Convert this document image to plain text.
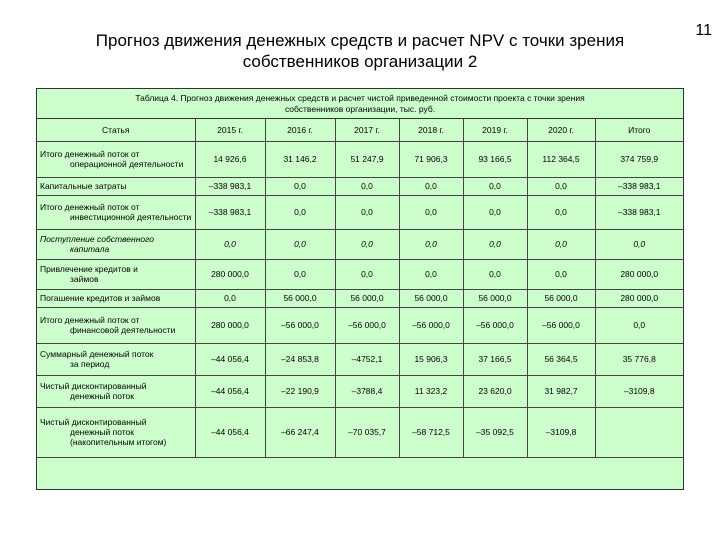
11
Прогноз движения денежных средств и расчет NPV с точки зрения
собственников организации 2
Таблица 4. Прогноз движения денежных средств и расчет чистой приведенной стоимости проекта с точки зрения собственников организации, тыс. руб.
Статья	2015 г.	2016 г.	2017 г.	2018 г.	2019 г.	2020 г.	Итого
Итого денежный поток от
операционной деятельности	14 926,6	31 146,2	51 247,9	71 906,3	93 166,5	112 364,5	374 759,9
Капитальные затраты	–338 983,1	0,0	0,0	0,0	0,0	0,0	–338 983,1
Итого денежный поток от
инвестиционной деятельности	–338 983,1	0,0	0,0	0,0	0,0	0,0	–338 983,1
Поступление собственного
капитала	0,0	0,0	0,0	0,0	0,0	0,0	0,0
Привлечение кредитов и
займов	280 000,0	0,0	0,0	0,0	0,0	0,0	280 000,0
Погашение кредитов и займов	0,0	56 000,0	56 000,0	56 000,0	56 000,0	56 000,0	280 000,0
Итого денежный поток от
финансовой деятельности	280 000,0	–56 000,0	–56 000,0	–56 000,0	–56 000,0	–56 000,0	0,0
Суммарный денежный поток
за период	–44 056,4	–24 853,8	–4752,1	15 906,3	37 166,5	56 364,5	35 776,8
Чистый дисконтированный
денежный поток	–44 056,4	–22 190,9	–3788,4	11 323,2	23 620,0	31 982,7	–3109,8
Чистый дисконтированный
денежный поток (накопительным итогом)	–44 056,4	–66 247,4	–70 035,7	–58 712,5	–35 092,5	–3109,8	
